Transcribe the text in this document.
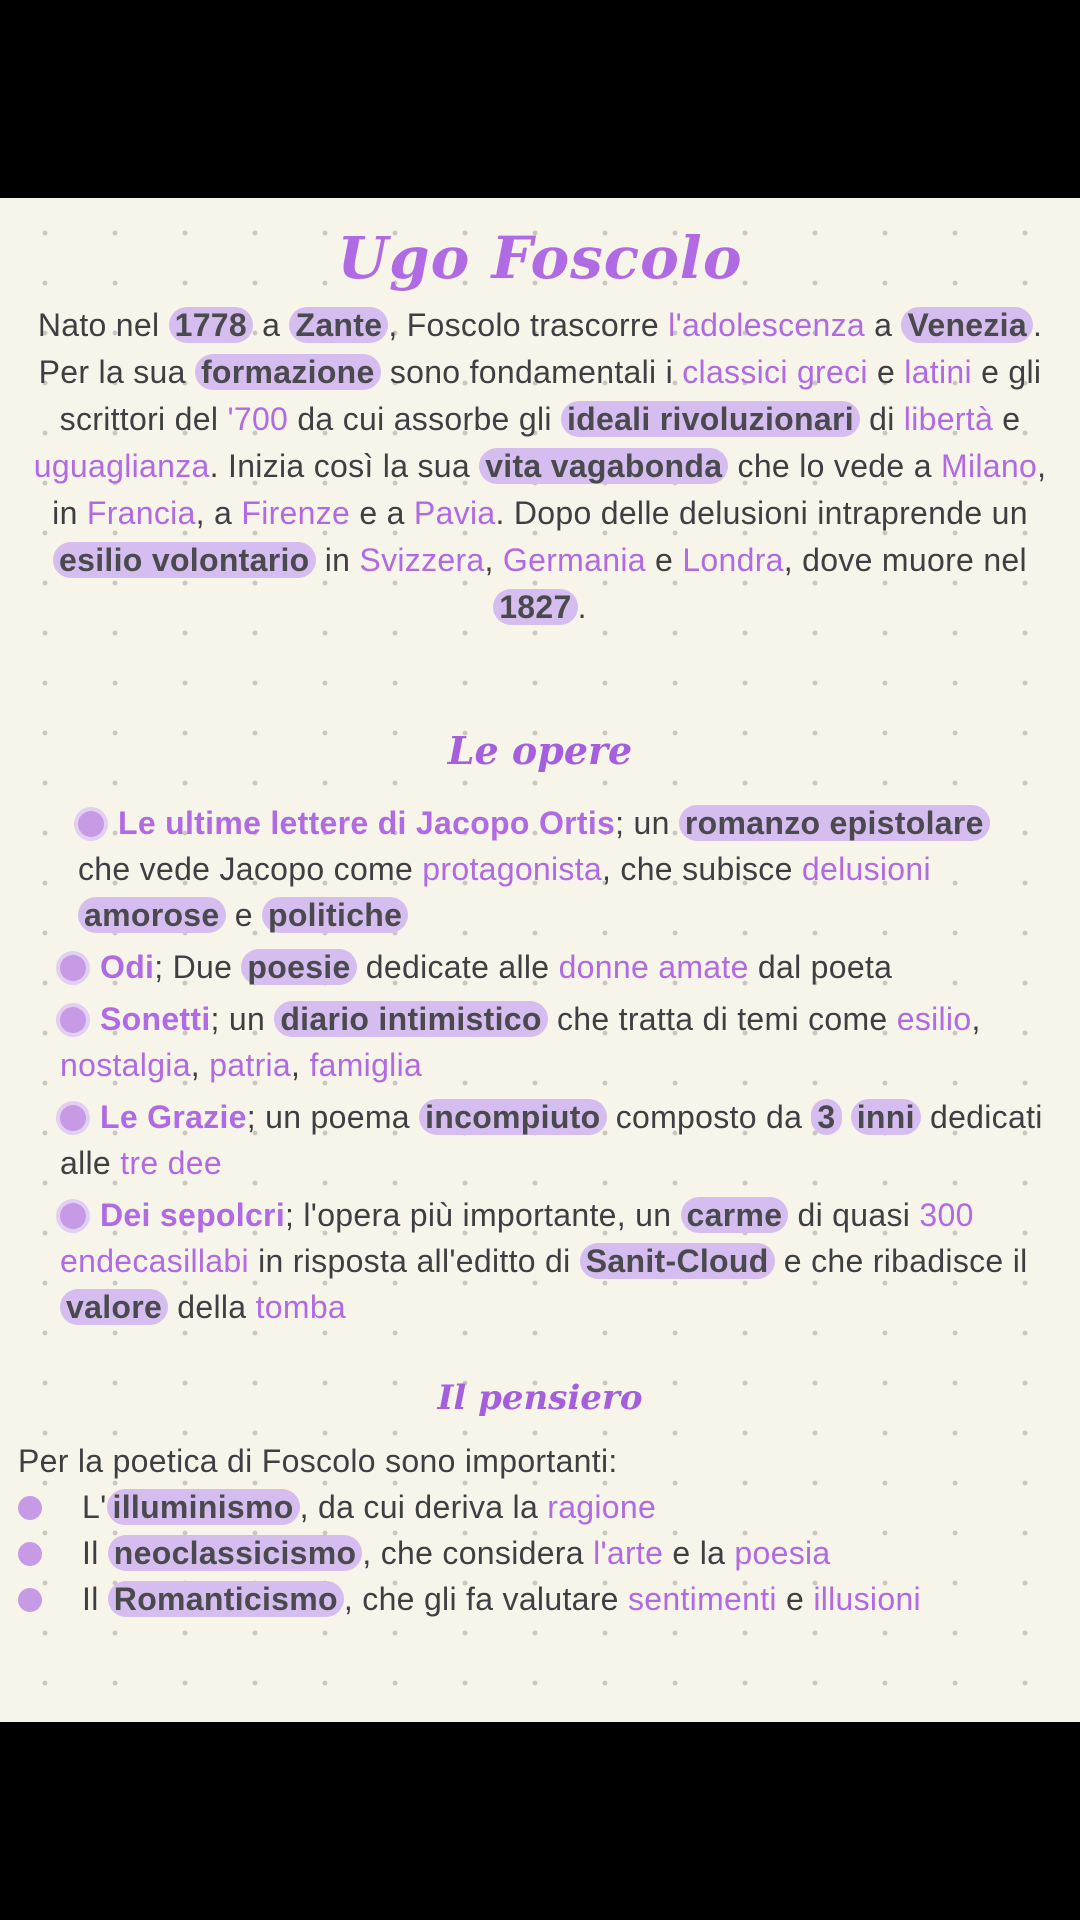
Ugo Foscolo
Nato nel 1778 a Zante , Foscolo trascorre l'adolescenza a Venezia . Per la sua formazione sono fondamentali i classici greci e latini e gli scrittori del '700 da cui assorbe gli ideali rivoluzionari di libertà e uguaglianza. Inizia così la sua vita vagabonda che lo vede a Milano, in Francia, a Firenze e a Pavia. Dopo delle delusioni intraprende un esilio volontario in Svizzera, Germania e Londra, dove muore nel 1827 .
Le opere
Le ultime lettere di Jacopo Ortis; un romanzo epistolare che vede Jacopo come protagonista, che subisce delusioni amorose e politiche
Odi; Due poesie dedicate alle donne amate dal poeta
Sonetti; un diario intimistico che tratta di temi come esilio, nostalgia, patria, famiglia
Le Grazie; un poema incompiuto composto da 3 inni dedicati alle tre dee
Dei sepolcri; l'opera più importante, un carme di quasi 300 endecasillabi in risposta all'editto di Sanit-Cloud e che ribadisce il valore della tomba
Il pensiero
Per la poetica di Foscolo sono importanti:
L' illuminismo , da cui deriva la ragione
Il neoclassicismo , che considera l'arte e la poesia
Il Romanticismo , che gli fa valutare sentimenti e illusioni
